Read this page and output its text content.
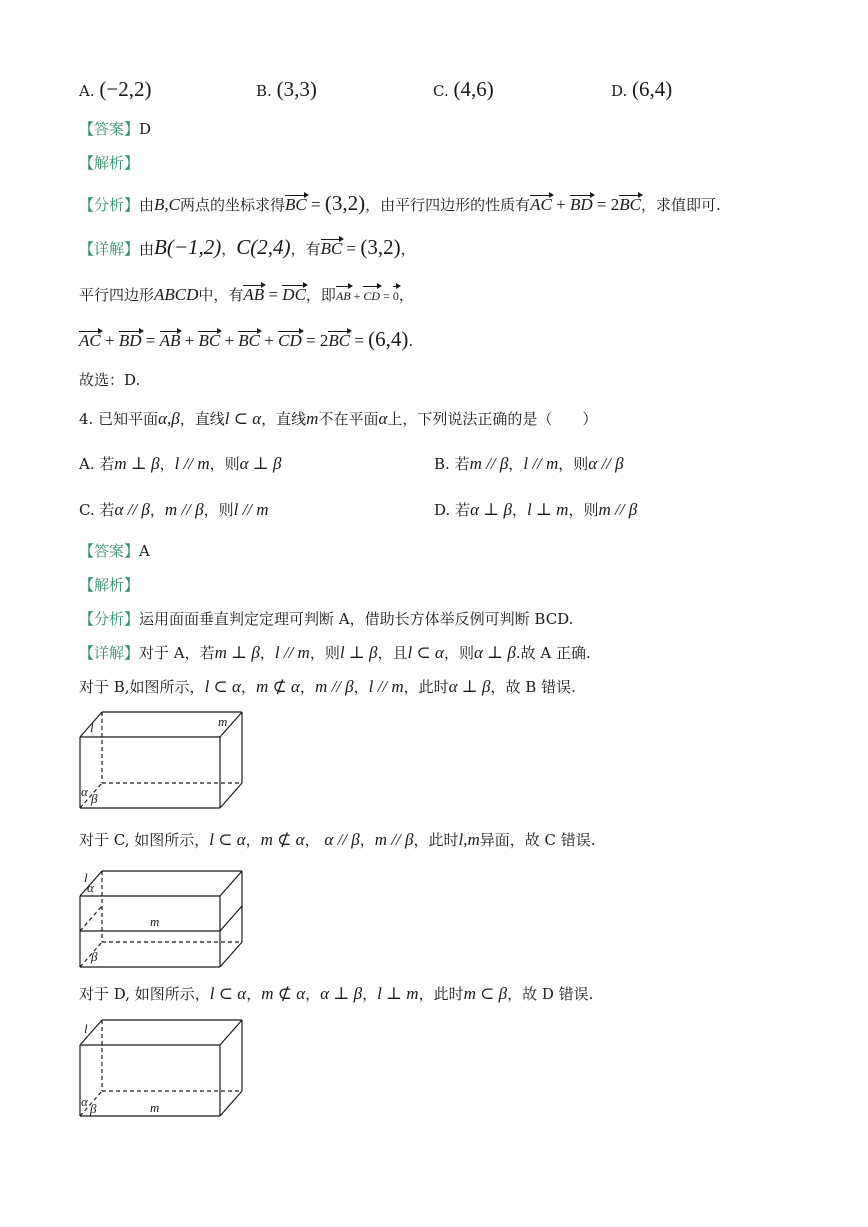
A. (−2,2)	B. (3,3)	C. (4,6)	D. (6,4)
【答案】D
【解析】
【分析】由B,C两点的坐标求得BC = (3,2)，由平行四边形的性质有AC + BD = 2BC，求值即可.
【详解】由B(−1,2)，C(2,4)，有BC = (3,2)，
平行四边形ABCD中，有AB = DC，即AB + CD = 0，
AC + BD = AB + BC + BC + CD = 2BC = (6,4).
故选：D.
4. 已知平面α,β，直线l ⊂ α，直线m不在平面α上，下列说法正确的是（　　）
A. 若m ⊥ β，l // m，则α ⊥ β	B. 若m // β，l // m，则α // β
C. 若α // β，m // β，则l // m	D. 若α ⊥ β，l ⊥ m，则m // β
【答案】A
【解析】
【分析】运用面面垂直判定定理可判断 A，借助长方体举反例可判断 BCD.
【详解】对于 A，若m ⊥ β，l // m，则l ⊥ β，且l ⊂ α，则α ⊥ β.故 A 正确.
对于 B,如图所示，l ⊂ α，m ⊄ α，m // β，l // m，此时α ⊥ β，故 B 错误.
m
l
α β
对于 C, 如图所示，l ⊂ α，m ⊄ α， α // β，m // β，此时l,m异面，故 C 错误.
l
α
m
β
对于 D, 如图所示，l ⊂ α，m ⊄ α，α ⊥ β，l ⊥ m，此时m ⊂ β，故 D 错误.
l
α β	m
